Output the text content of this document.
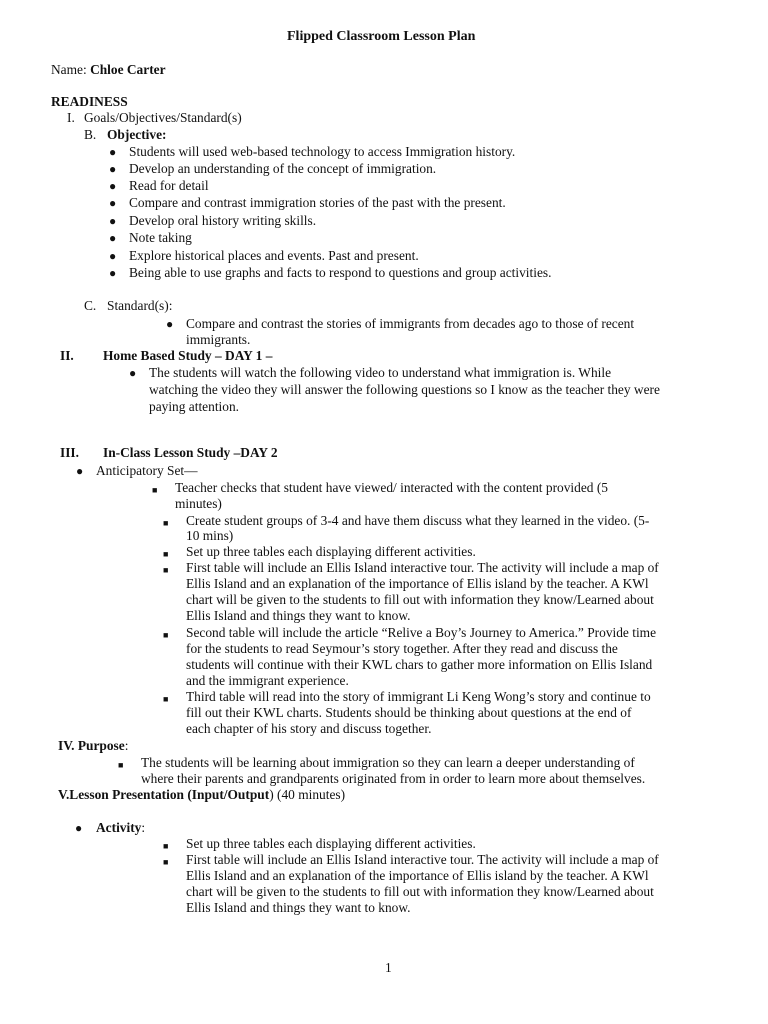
Flipped Classroom Lesson Plan
Name: Chloe Carter
READINESS
I. Goals/Objectives/Standard(s)
B. Objective:
● Students will used web-based technology to access Immigration history.
● Develop an understanding of the concept of immigration.
● Read for detail
● Compare and contrast immigration stories of the past with the present.
● Develop oral history writing skills.
● Note taking
● Explore historical places and events. Past and present.
● Being able to use graphs and facts to respond to questions and group activities.
C. Standard(s):
● Compare and contrast the stories of immigrants from decades ago to those of recent
immigrants.
II. Home Based Study – DAY 1 –
● The students will watch the following video to understand what immigration is. While
watching the video they will answer the following questions so I know as the teacher they were
paying attention.
III. In-Class Lesson Study –DAY 2
● Anticipatory Set—
■ Teacher checks that student have viewed/ interacted with the content provided (5
minutes)
■ Create student groups of 3-4 and have them discuss what they learned in the video. (5-
10 mins)
■ Set up three tables each displaying different activities.
■ First table will include an Ellis Island interactive tour. The activity will include a map of
Ellis Island and an explanation of the importance of Ellis island by the teacher. A KWl
chart will be given to the students to fill out with information they know/Learned about
Ellis Island and things they want to know.
■ Second table will include the article “Relive a Boy’s Journey to America.” Provide time
for the students to read Seymour’s story together. After they read and discuss the
students will continue with their KWL chars to gather more information on Ellis Island
and the immigrant experience.
■ Third table will read into the story of immigrant Li Keng Wong’s story and continue to
fill out their KWL charts. Students should be thinking about questions at the end of
each chapter of his story and discuss together.
IV. Purpose:
■ The students will be learning about immigration so they can learn a deeper understanding of
where their parents and grandparents originated from in order to learn more about themselves.
V.Lesson Presentation (Input/Output) (40 minutes)
● Activity:
■ Set up three tables each displaying different activities.
■ First table will include an Ellis Island interactive tour. The activity will include a map of
Ellis Island and an explanation of the importance of Ellis island by the teacher. A KWl
chart will be given to the students to fill out with information they know/Learned about
Ellis Island and things they want to know.
1
